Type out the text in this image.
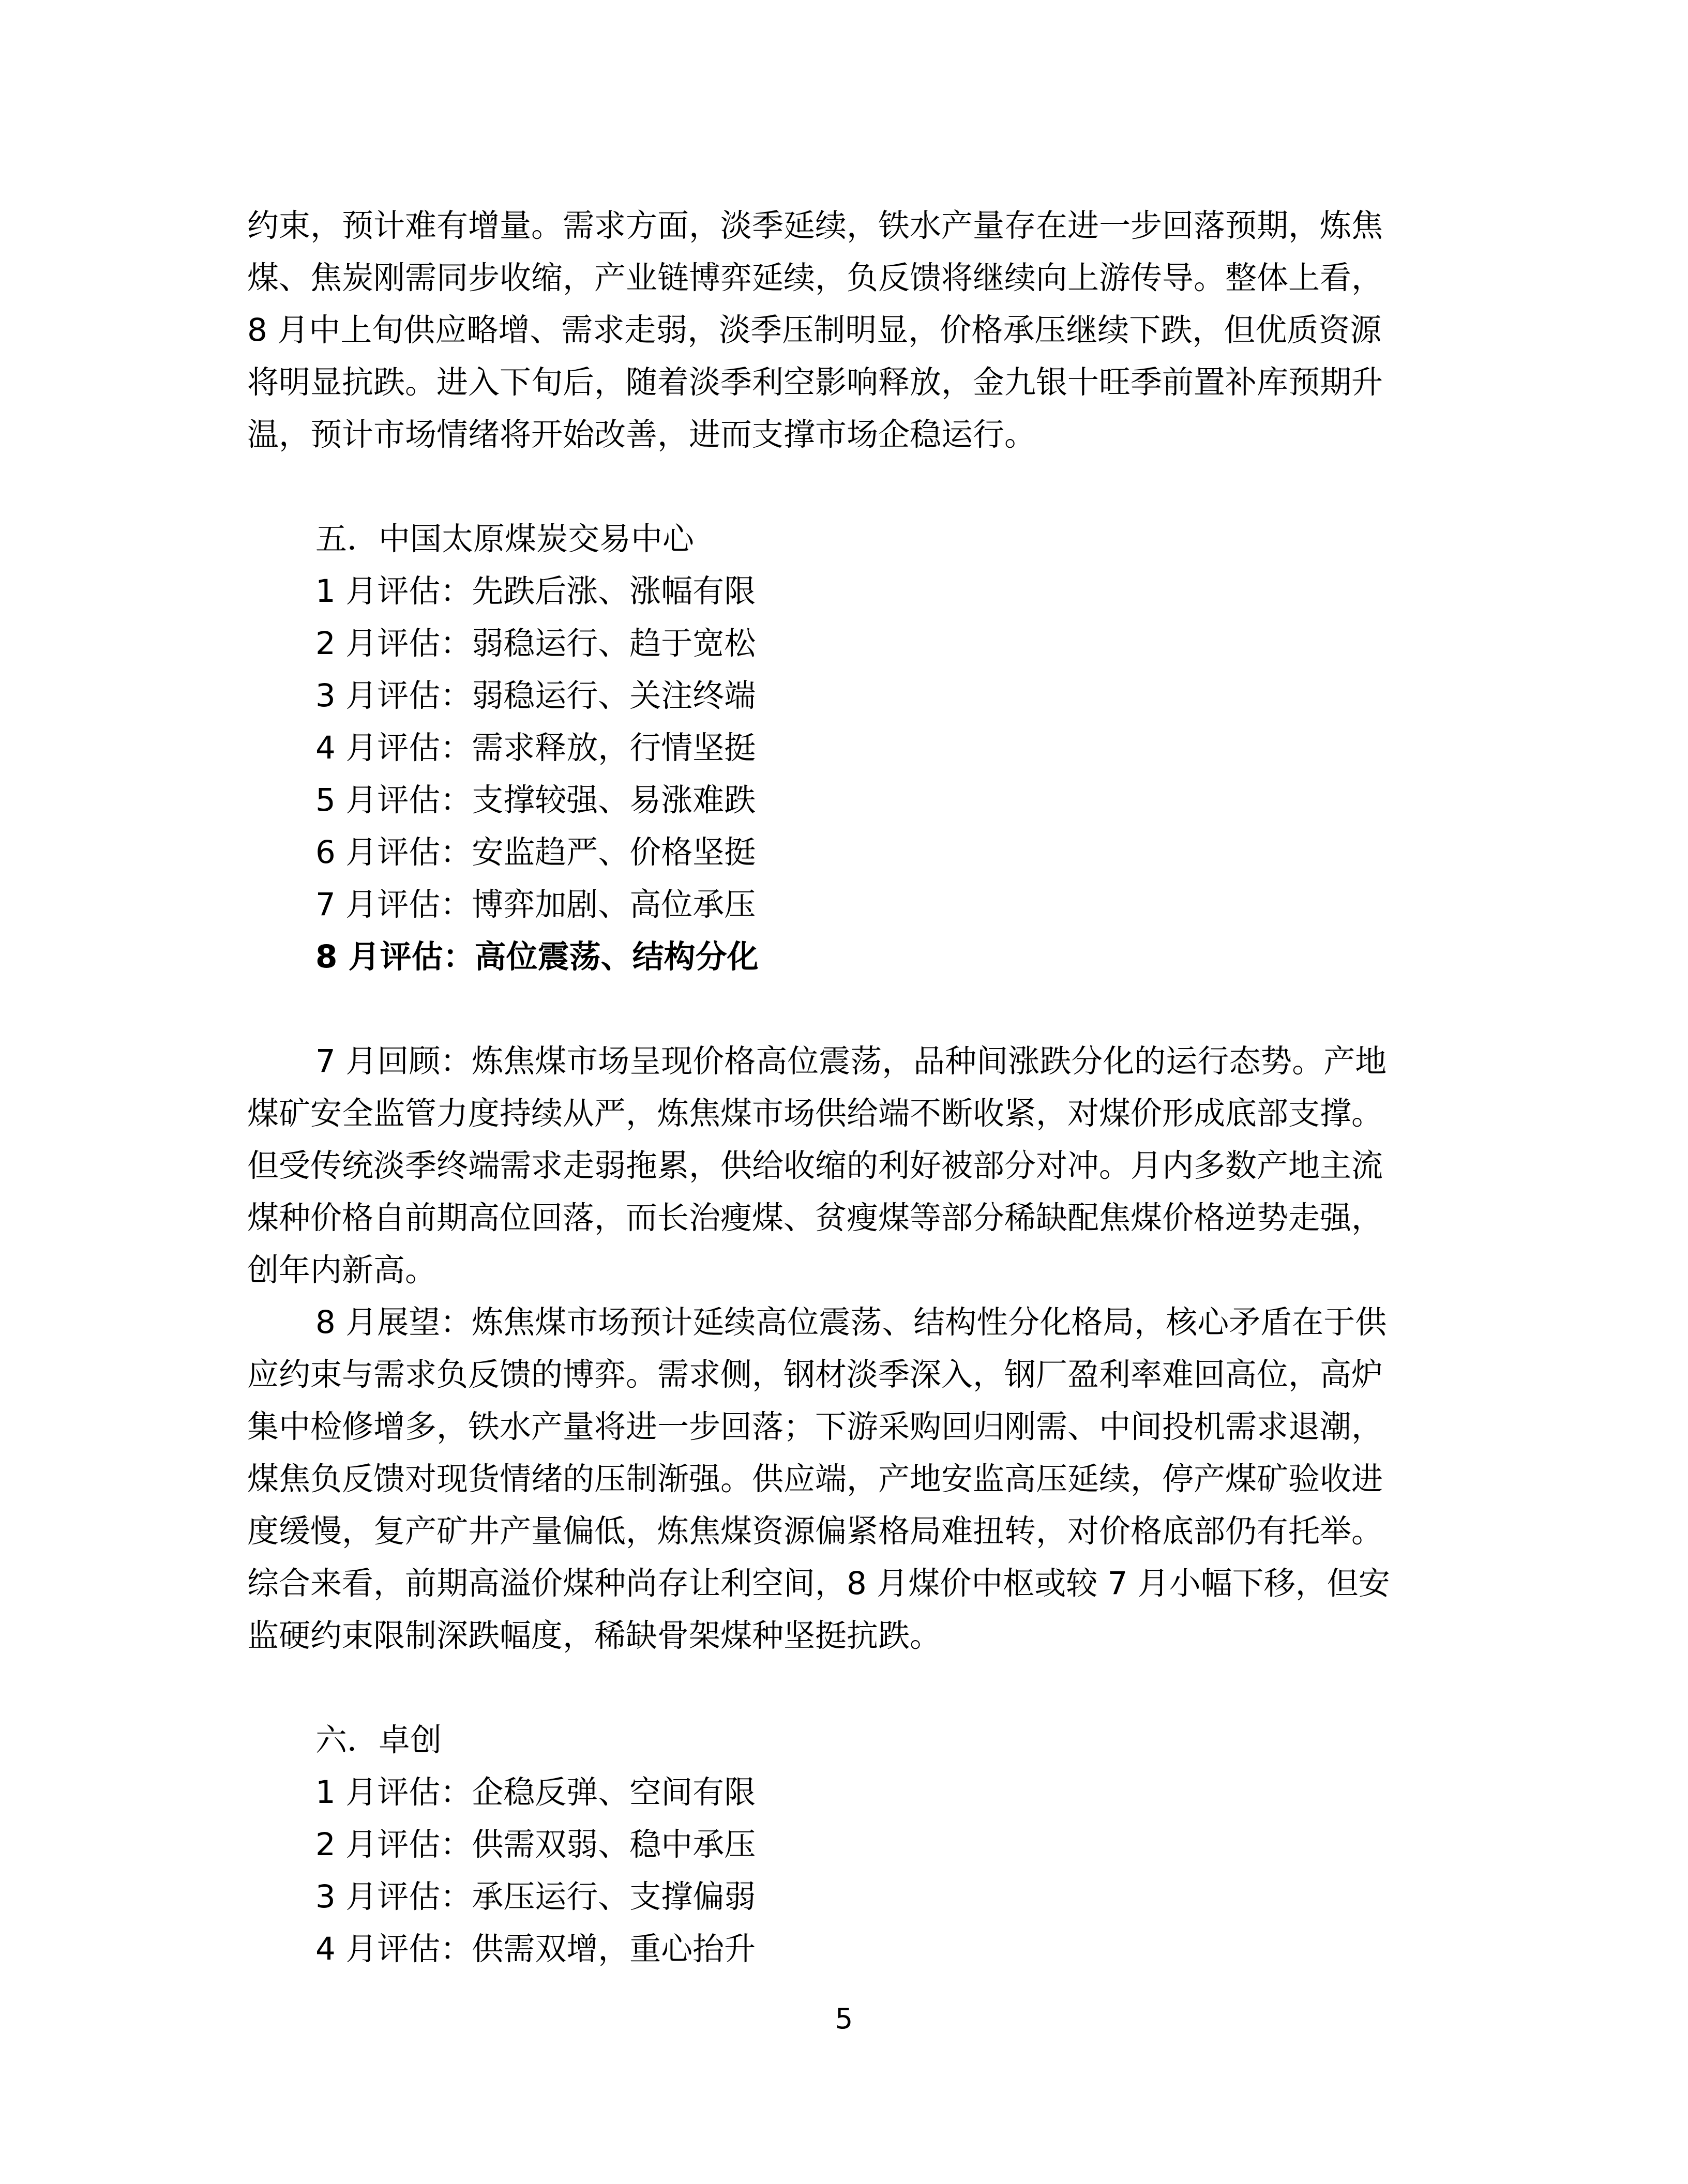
约束，预计难有增量。需求方面，淡季延续，铁水产量存在进一步回落预期，炼焦

煤、焦炭刚需同步收缩，产业链博弈延续，负反馈将继续向上游传导。整体上看，

8 月中上旬供应略增、需求走弱，淡季压制明显，价格承压继续下跌，但优质资源

将明显抗跌。进入下旬后，随着淡季利空影响释放，金九银十旺季前置补库预期升

温，预计市场情绪将开始改善，进而支撑市场企稳运行。

五．中国太原煤炭交易中心

1 月评估：先跌后涨、涨幅有限

2 月评估：弱稳运行、趋于宽松

3 月评估：弱稳运行、关注终端

4 月评估：需求释放，行情坚挺

5 月评估：支撑较强、易涨难跌

6 月评估：安监趋严、价格坚挺

7 月评估：博弈加剧、高位承压

8 月评估：高位震荡、结构分化

7 月回顾：炼焦煤市场呈现价格高位震荡，品种间涨跌分化的运行态势。产地

煤矿安全监管力度持续从严，炼焦煤市场供给端不断收紧，对煤价形成底部支撑。

但受传统淡季终端需求走弱拖累，供给收缩的利好被部分对冲。月内多数产地主流

煤种价格自前期高位回落，而长治瘦煤、贫瘦煤等部分稀缺配焦煤价格逆势走强，

创年内新高。

8 月展望：炼焦煤市场预计延续高位震荡、结构性分化格局，核心矛盾在于供

应约束与需求负反馈的博弈。需求侧，钢材淡季深入，钢厂盈利率难回高位，高炉

集中检修增多，铁水产量将进一步回落；下游采购回归刚需、中间投机需求退潮，

煤焦负反馈对现货情绪的压制渐强。供应端，产地安监高压延续，停产煤矿验收进

度缓慢，复产矿井产量偏低，炼焦煤资源偏紧格局难扭转，对价格底部仍有托举。

综合来看，前期高溢价煤种尚存让利空间，8 月煤价中枢或较 7 月小幅下移，但安

监硬约束限制深跌幅度，稀缺骨架煤种坚挺抗跌。

六．卓创

1 月评估：企稳反弹、空间有限

2 月评估：供需双弱、稳中承压

3 月评估：承压运行、支撑偏弱

4 月评估：供需双增，重心抬升

5
